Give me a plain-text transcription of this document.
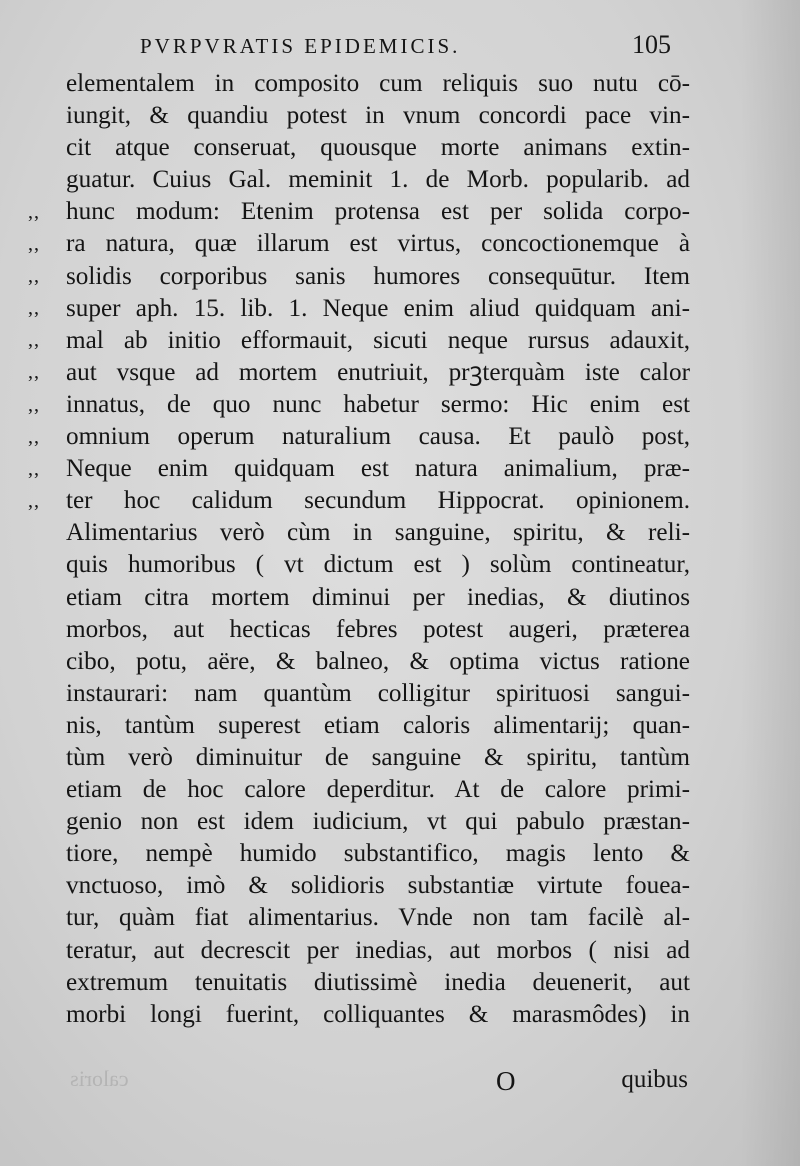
PVRPVRATIS EPIDEMICIS.	105
,,
,,
,,
,,
,,
,,
,,
,,
,,
,,
elementalem in composito cum reliquis suo nutu cō-
iungit, & quandiu potest in vnum concordi pace vin-
cit atque conseruat, quousque morte animans extin-
guatur. Cuius Gal. meminit 1. de Morb. popularib. ad
hunc modum: Etenim protensa est per solida corpo-
ra natura, quæ illarum est virtus, concoctionemque à
solidis corporibus sanis humores consequūtur. Item
super aph. 15. lib. 1. Neque enim aliud quidquam ani-
mal ab initio efformauit, sicuti neque rursus adauxit,
aut vsque ad mortem enutriuit, prꝫterquàm iste calor
innatus, de quo nunc habetur sermo: Hic enim est
omnium operum naturalium causa. Et paulò post,
Neque enim quidquam est natura animalium, præ-
ter hoc calidum secundum Hippocrat. opinionem.
Alimentarius verò cùm in sanguine, spiritu, & reli-
quis humoribus ( vt dictum est ) solùm contineatur,
etiam citra mortem diminui per inedias, & diutinos
morbos, aut hecticas febres potest augeri, præterea
cibo, potu, aëre, & balneo, & optima victus ratione
instaurari: nam quantùm colligitur spirituosi sangui-
nis, tantùm superest etiam caloris alimentarij; quan-
tùm verò diminuitur de sanguine & spiritu, tantùm
etiam de hoc calore deperditur. At de calore primi-
genio non est idem iudicium, vt qui pabulo præstan-
tiore, nempè humido substantifico, magis lento &
vnctuoso, imò & solidioris substantiæ virtute fouea-
tur, quàm fiat alimentarius. Vnde non tam facilè al-
teratur, aut decrescit per inedias, aut morbos ( nisi ad
extremum tenuitatis diutissimè inedia deuenerit, aut
morbi longi fuerint, colliquantes & marasmôdes) in
caloris	O	quibus
